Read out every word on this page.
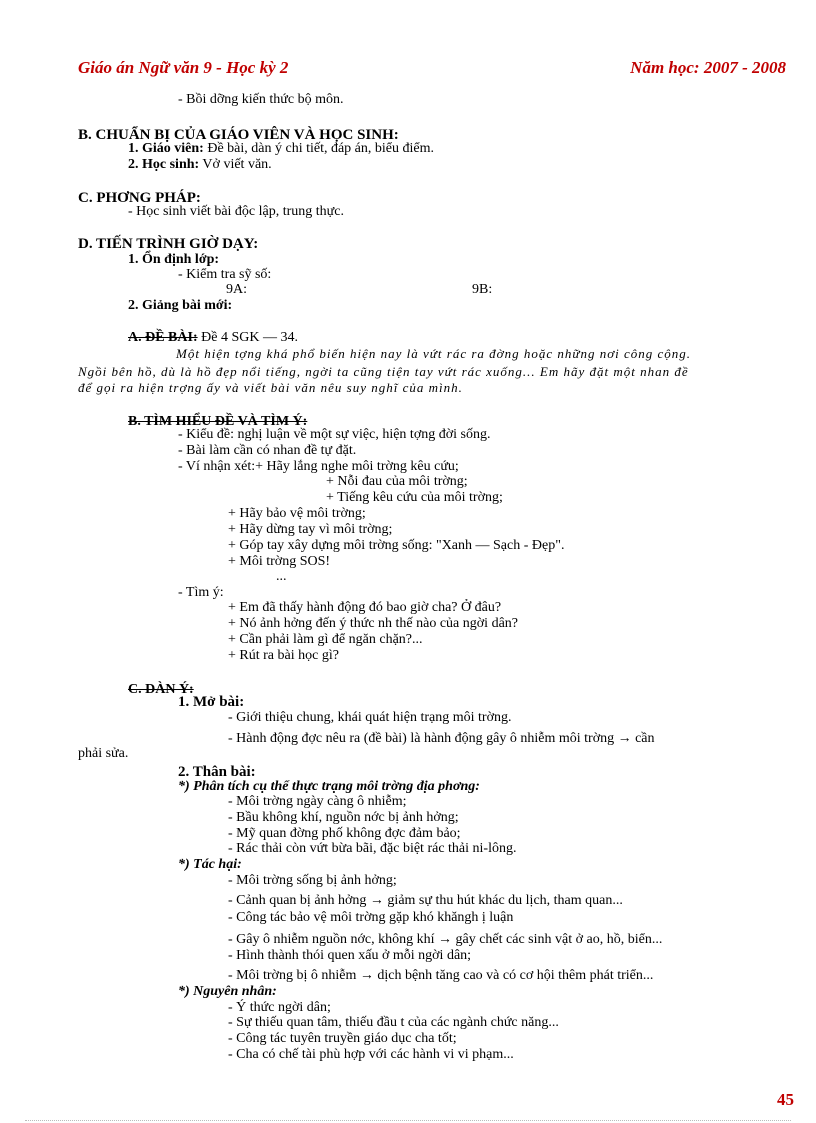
Giáo án Ngữ văn 9 - Học kỳ 2	Năm học: 2007 - 2008
- Bồi dỡng kiến thức bộ môn.
B. CHUẨN BỊ CỦA GIÁO VIÊN VÀ HỌC SINH:
1. Giáo viên: Đề bài, dàn ý chi tiết, đáp án, biểu điểm.
2. Học sinh: Vở viết văn.
C. PHƠNG PHÁP:
- Học sinh viết bài độc lập, trung thực.
D. TIẾN TRÌNH GIỜ DẠY:
1. Ổn định lớp:
- Kiểm tra sỹ số:
9A:	9B:
2. Giảng bài mới:
A. ĐỀ BÀI: Đề 4 SGK — 34.
Một hiện tợng khá phổ biến hiện nay là vứt rác ra đờng hoặc những nơi công cộng.
Ngồi bên hồ, dù là hồ đẹp nổi tiếng, ngời ta cũng tiện tay vứt rác xuống... Em hãy đặt một nhan đề
để gọi ra hiện trợng ấy và viết bài văn nêu suy nghĩ của mình.
B. TÌM HIỂU ĐỀ VÀ TÌM Ý:
- Kiểu đề: nghị luận về một sự việc, hiện tợng đời sống.
- Bài làm cần có nhan đề tự đặt.
- Ví nhận xét:+ Hãy lắng nghe môi trờng kêu cứu;
+ Nỗi đau của môi trờng;
+ Tiếng kêu cứu của môi trờng;
+ Hãy bảo vệ môi trờng;
+ Hãy dừng tay vì môi trờng;
+ Góp tay xây dựng môi trờng sống: "Xanh — Sạch - Đẹp".
+ Môi trờng SOS!
...
- Tìm ý:
+ Em đã thấy hành động đó bao giờ cha? Ở đâu?
+ Nó ảnh hởng đến ý thức nh thế nào của ngời dân?
+ Cần phải làm gì để ngăn chặn?...
+ Rút ra bài học gì?
C. DÀN Ý:
1. Mở bài:
- Giới thiệu chung, khái quát hiện trạng môi trờng.
- Hành động đợc nêu ra (đề bài) là hành động gây ô nhiễm môi trờng → cần
phải sửa.
2. Thân bài:
*) Phân tích cụ thể thực trạng môi trờng địa phơng:
- Môi trờng ngày càng ô nhiễm;
- Bầu không khí, nguồn nớc bị ảnh hởng;
- Mỹ quan đờng phố không đợc đảm bảo;
- Rác thải còn vứt bừa bãi, đặc biệt rác thải ni-lông.
*) Tác hại:
- Môi trờng sống bị ảnh hởng;
- Cảnh quan bị ảnh hởng → giảm sự thu hút khác du lịch, tham quan...
- Công tác bảo vệ môi trờng gặp khó khăngh ị luận
- Gây ô nhiễm nguồn nớc, không khí → gây chết các sinh vật ở ao, hồ, biển...
- Hình thành thói quen xấu ở mỗi ngời dân;
- Môi trờng bị ô nhiễm → dịch bệnh tăng cao và có cơ hội thêm phát triển...
*) Nguyên nhân:
- Ý thức ngời dân;
- Sự thiếu quan tâm, thiếu đầu t của các ngành chức năng...
- Công tác tuyên truyền giáo dục cha tốt;
- Cha có chế tài phù hợp với các hành vi vi phạm...
45
